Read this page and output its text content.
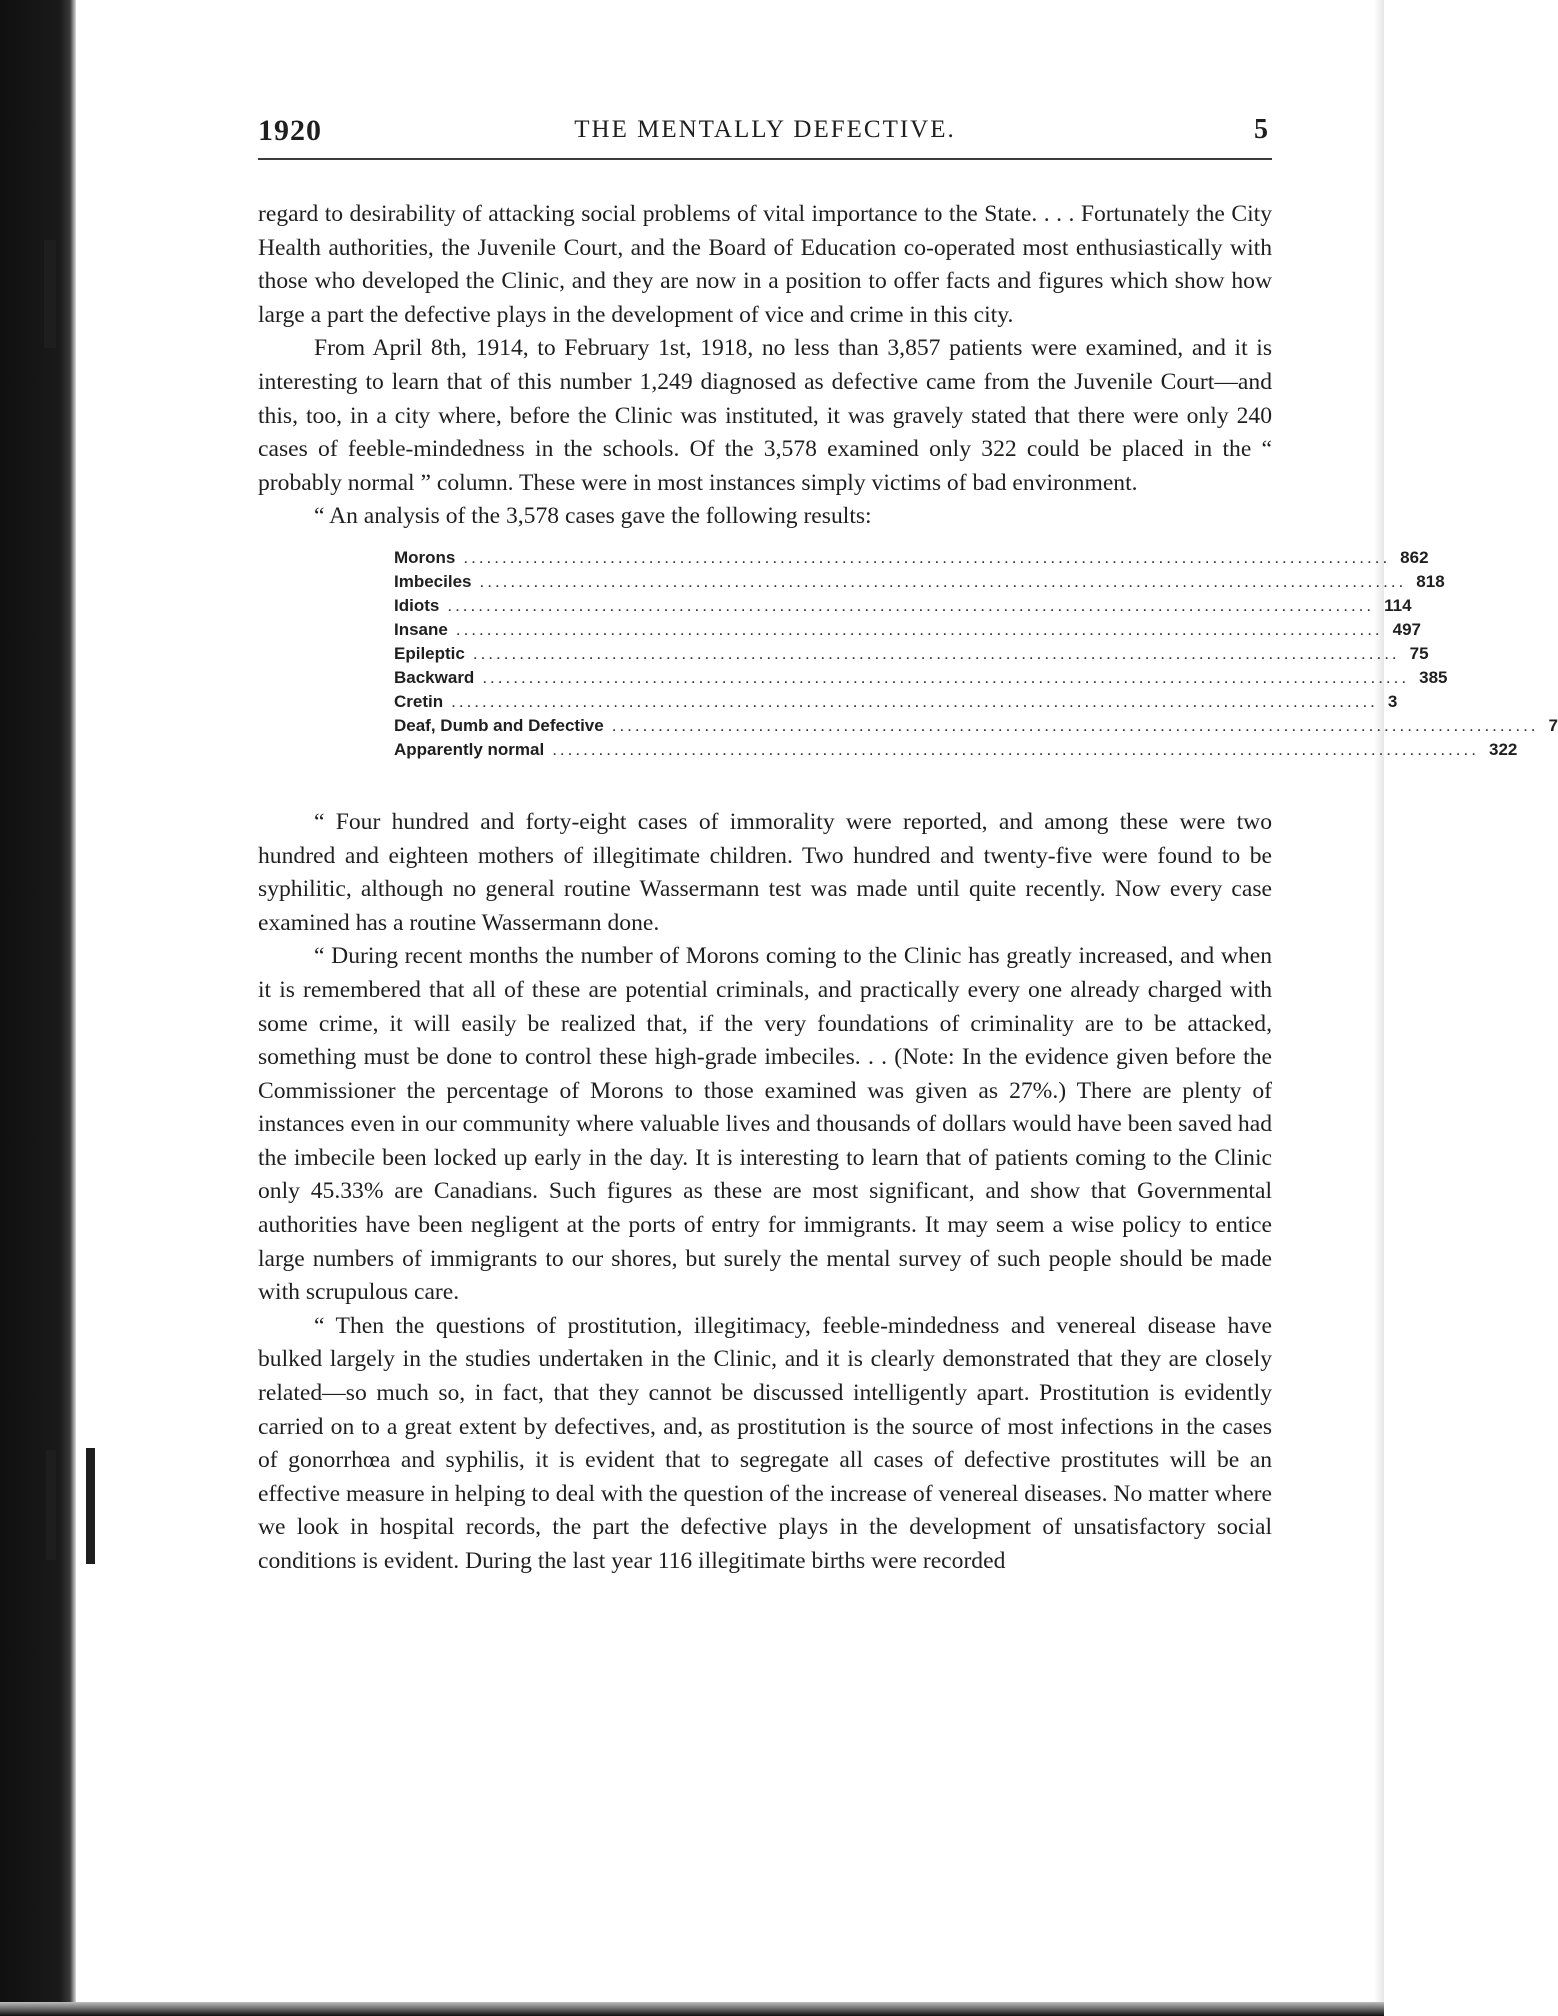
1920	THE MENTALLY DEFECTIVE.	5

regard to desirability of attacking social problems of vital importance to the State. . . . Fortunately the City Health authorities, the Juvenile Court, and the Board of Education co-operated most enthusiastically with those who developed the Clinic, and they are now in a position to offer facts and figures which show how large a part the defective plays in the development of vice and crime in this city.

From April 8th, 1914, to February 1st, 1918, no less than 3,857 patients were examined, and it is interesting to learn that of this number 1,249 diagnosed as defective came from the Juvenile Court—and this, too, in a city where, before the Clinic was instituted, it was gravely stated that there were only 240 cases of feeble-mindedness in the schools. Of the 3,578 examined only 322 could be placed in the “ probably normal ” column. These were in most instances simply victims of bad environment.

“ An analysis of the 3,578 cases gave the following results:

Morons ........................................................................................................................ 862
Imbeciles ........................................................................................................................ 818
Idiots ........................................................................................................................ 114
Insane ........................................................................................................................ 497
Epileptic ........................................................................................................................ 75
Backward ........................................................................................................................ 385
Cretin ........................................................................................................................ 3
Deaf, Dumb and Defective ........................................................................................................................ 7
Apparently normal ........................................................................................................................ 322

“ Four hundred and forty-eight cases of immorality were reported, and among these were two hundred and eighteen mothers of illegitimate children. Two hundred and twenty-five were found to be syphilitic, although no general routine Wassermann test was made until quite recently. Now every case examined has a routine Wassermann done.

“ During recent months the number of Morons coming to the Clinic has greatly increased, and when it is remembered that all of these are potential criminals, and practically every one already charged with some crime, it will easily be realized that, if the very foundations of criminality are to be attacked, something must be done to control these high-grade imbeciles. . . (Note: In the evidence given before the Commissioner the percentage of Morons to those examined was given as 27%.) There are plenty of instances even in our community where valuable lives and thousands of dollars would have been saved had the imbecile been locked up early in the day. It is interesting to learn that of patients coming to the Clinic only 45.33% are Canadians. Such figures as these are most significant, and show that Governmental authorities have been negligent at the ports of entry for immigrants. It may seem a wise policy to entice large numbers of immigrants to our shores, but surely the mental survey of such people should be made with scrupulous care.

“ Then the questions of prostitution, illegitimacy, feeble-mindedness and venereal disease have bulked largely in the studies undertaken in the Clinic, and it is clearly demonstrated that they are closely related—so much so, in fact, that they cannot be discussed intelligently apart. Prostitution is evidently carried on to a great extent by defectives, and, as prostitution is the source of most infections in the cases of gonorrhœa and syphilis, it is evident that to segregate all cases of defective prostitutes will be an effective measure in helping to deal with the question of the increase of venereal diseases. No matter where we look in hospital records, the part the defective plays in the development of unsatisfactory social conditions is evident. During the last year 116 illegitimate births were recorded
